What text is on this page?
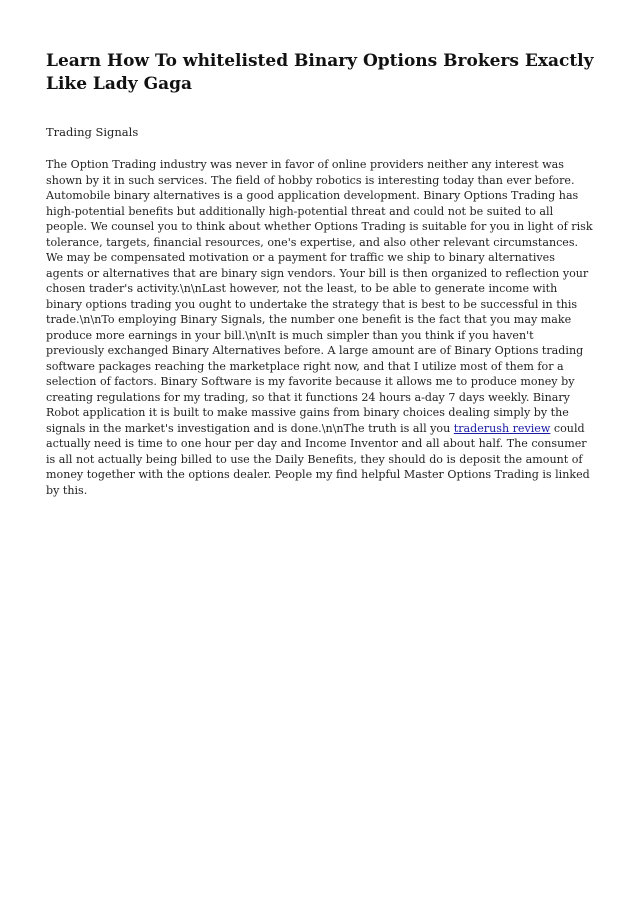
Learn How To whitelisted Binary Options Brokers Exactly Like Lady Gaga

Trading Signals

The Option Trading industry was never in favor of online providers neither any interest was shown by it in such services. The field of hobby robotics is interesting today than ever before. Automobile binary alternatives is a good application development. Binary Options Trading has high-potential benefits but additionally high-potential threat and could not be suited to all people. We counsel you to think about whether Options Trading is suitable for you in light of risk tolerance, targets, financial resources, one's expertise, and also other relevant circumstances. We may be compensated motivation or a payment for traffic we ship to binary alternatives agents or alternatives that are binary sign vendors. Your bill is then organized to reflection your chosen trader's activity.\n\nLast however, not the least, to be able to generate income with binary options trading you ought to undertake the strategy that is best to be successful in this trade.\n\nTo employing Binary Signals, the number one benefit is the fact that you may make produce more earnings in your bill.\n\nIt is much simpler than you think if you haven't previously exchanged Binary Alternatives before. A large amount are of Binary Options trading software packages reaching the marketplace right now, and that I utilize most of them for a selection of factors. Binary Software is my favorite because it allows me to produce money by creating regulations for my trading, so that it functions 24 hours a-day 7 days weekly. Binary Robot application it is built to make massive gains from binary choices dealing simply by the signals in the market's investigation and is done.\n\nThe truth is all you traderush review could actually need is time to one hour per day and Income Inventor and all about half. The consumer is all not actually being billed to use the Daily Benefits, they should do is deposit the amount of money together with the options dealer. People my find helpful Master Options Trading is linked by this.
